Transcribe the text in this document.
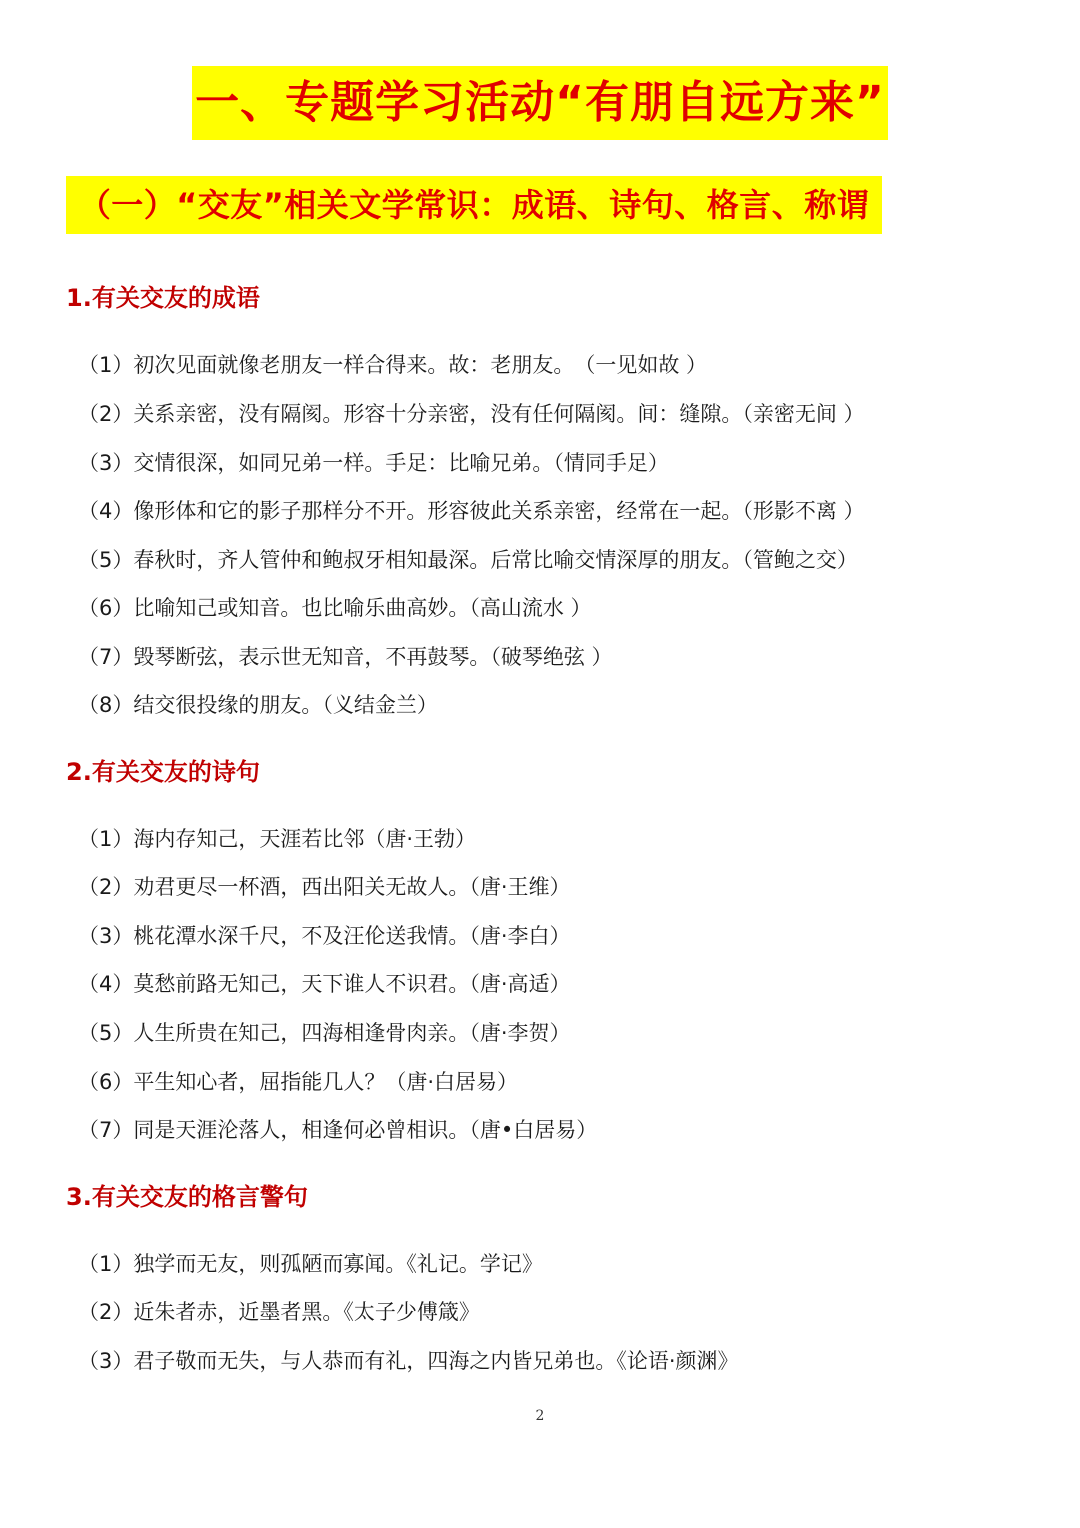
一、专题学习活动“有朋自远方来”
（一）“交友”相关文学常识：成语、诗句、格言、称谓
1.有关交友的成语
（1）初次见面就像老朋友一样合得来。故：老朋友。　（一见如故 ）
（2）关系亲密，没有隔阂。形容十分亲密，没有任何隔阂。间：缝隙。（亲密无间 ）
（3）交情很深，如同兄弟一样。手足：比喻兄弟。（情同手足）
（4）像形体和它的影子那样分不开。形容彼此关系亲密，经常在一起。（形影不离 ）
（5）春秋时，齐人管仲和鲍叔牙相知最深。后常比喻交情深厚的朋友。（管鲍之交）
（6）比喻知己或知音。也比喻乐曲高妙。（高山流水 ）
（7）毁琴断弦，表示世无知音，不再鼓琴。（破琴绝弦 ）
（8）结交很投缘的朋友。（义结金兰）
2.有关交友的诗句
（1）海内存知己，天涯若比邻（唐·王勃）
（2）劝君更尽一杯酒，西出阳关无故人。（唐·王维）
（3）桃花潭水深千尺，不及汪伦送我情。（唐·李白）
（4）莫愁前路无知己，天下谁人不识君。（唐·高适）
（5）人生所贵在知己，四海相逢骨肉亲。（唐·李贺）
（6）平生知心者，屈指能几人？（唐·白居易）
（7）同是天涯沦落人，相逢何必曾相识。（唐•白居易）
3.有关交友的格言警句
（1）独学而无友，则孤陋而寡闻。《礼记。学记》
（2）近朱者赤，近墨者黑。《太子少傅箴》
（3）君子敬而无失，与人恭而有礼，四海之内皆兄弟也。《论语·颜渊》
2
